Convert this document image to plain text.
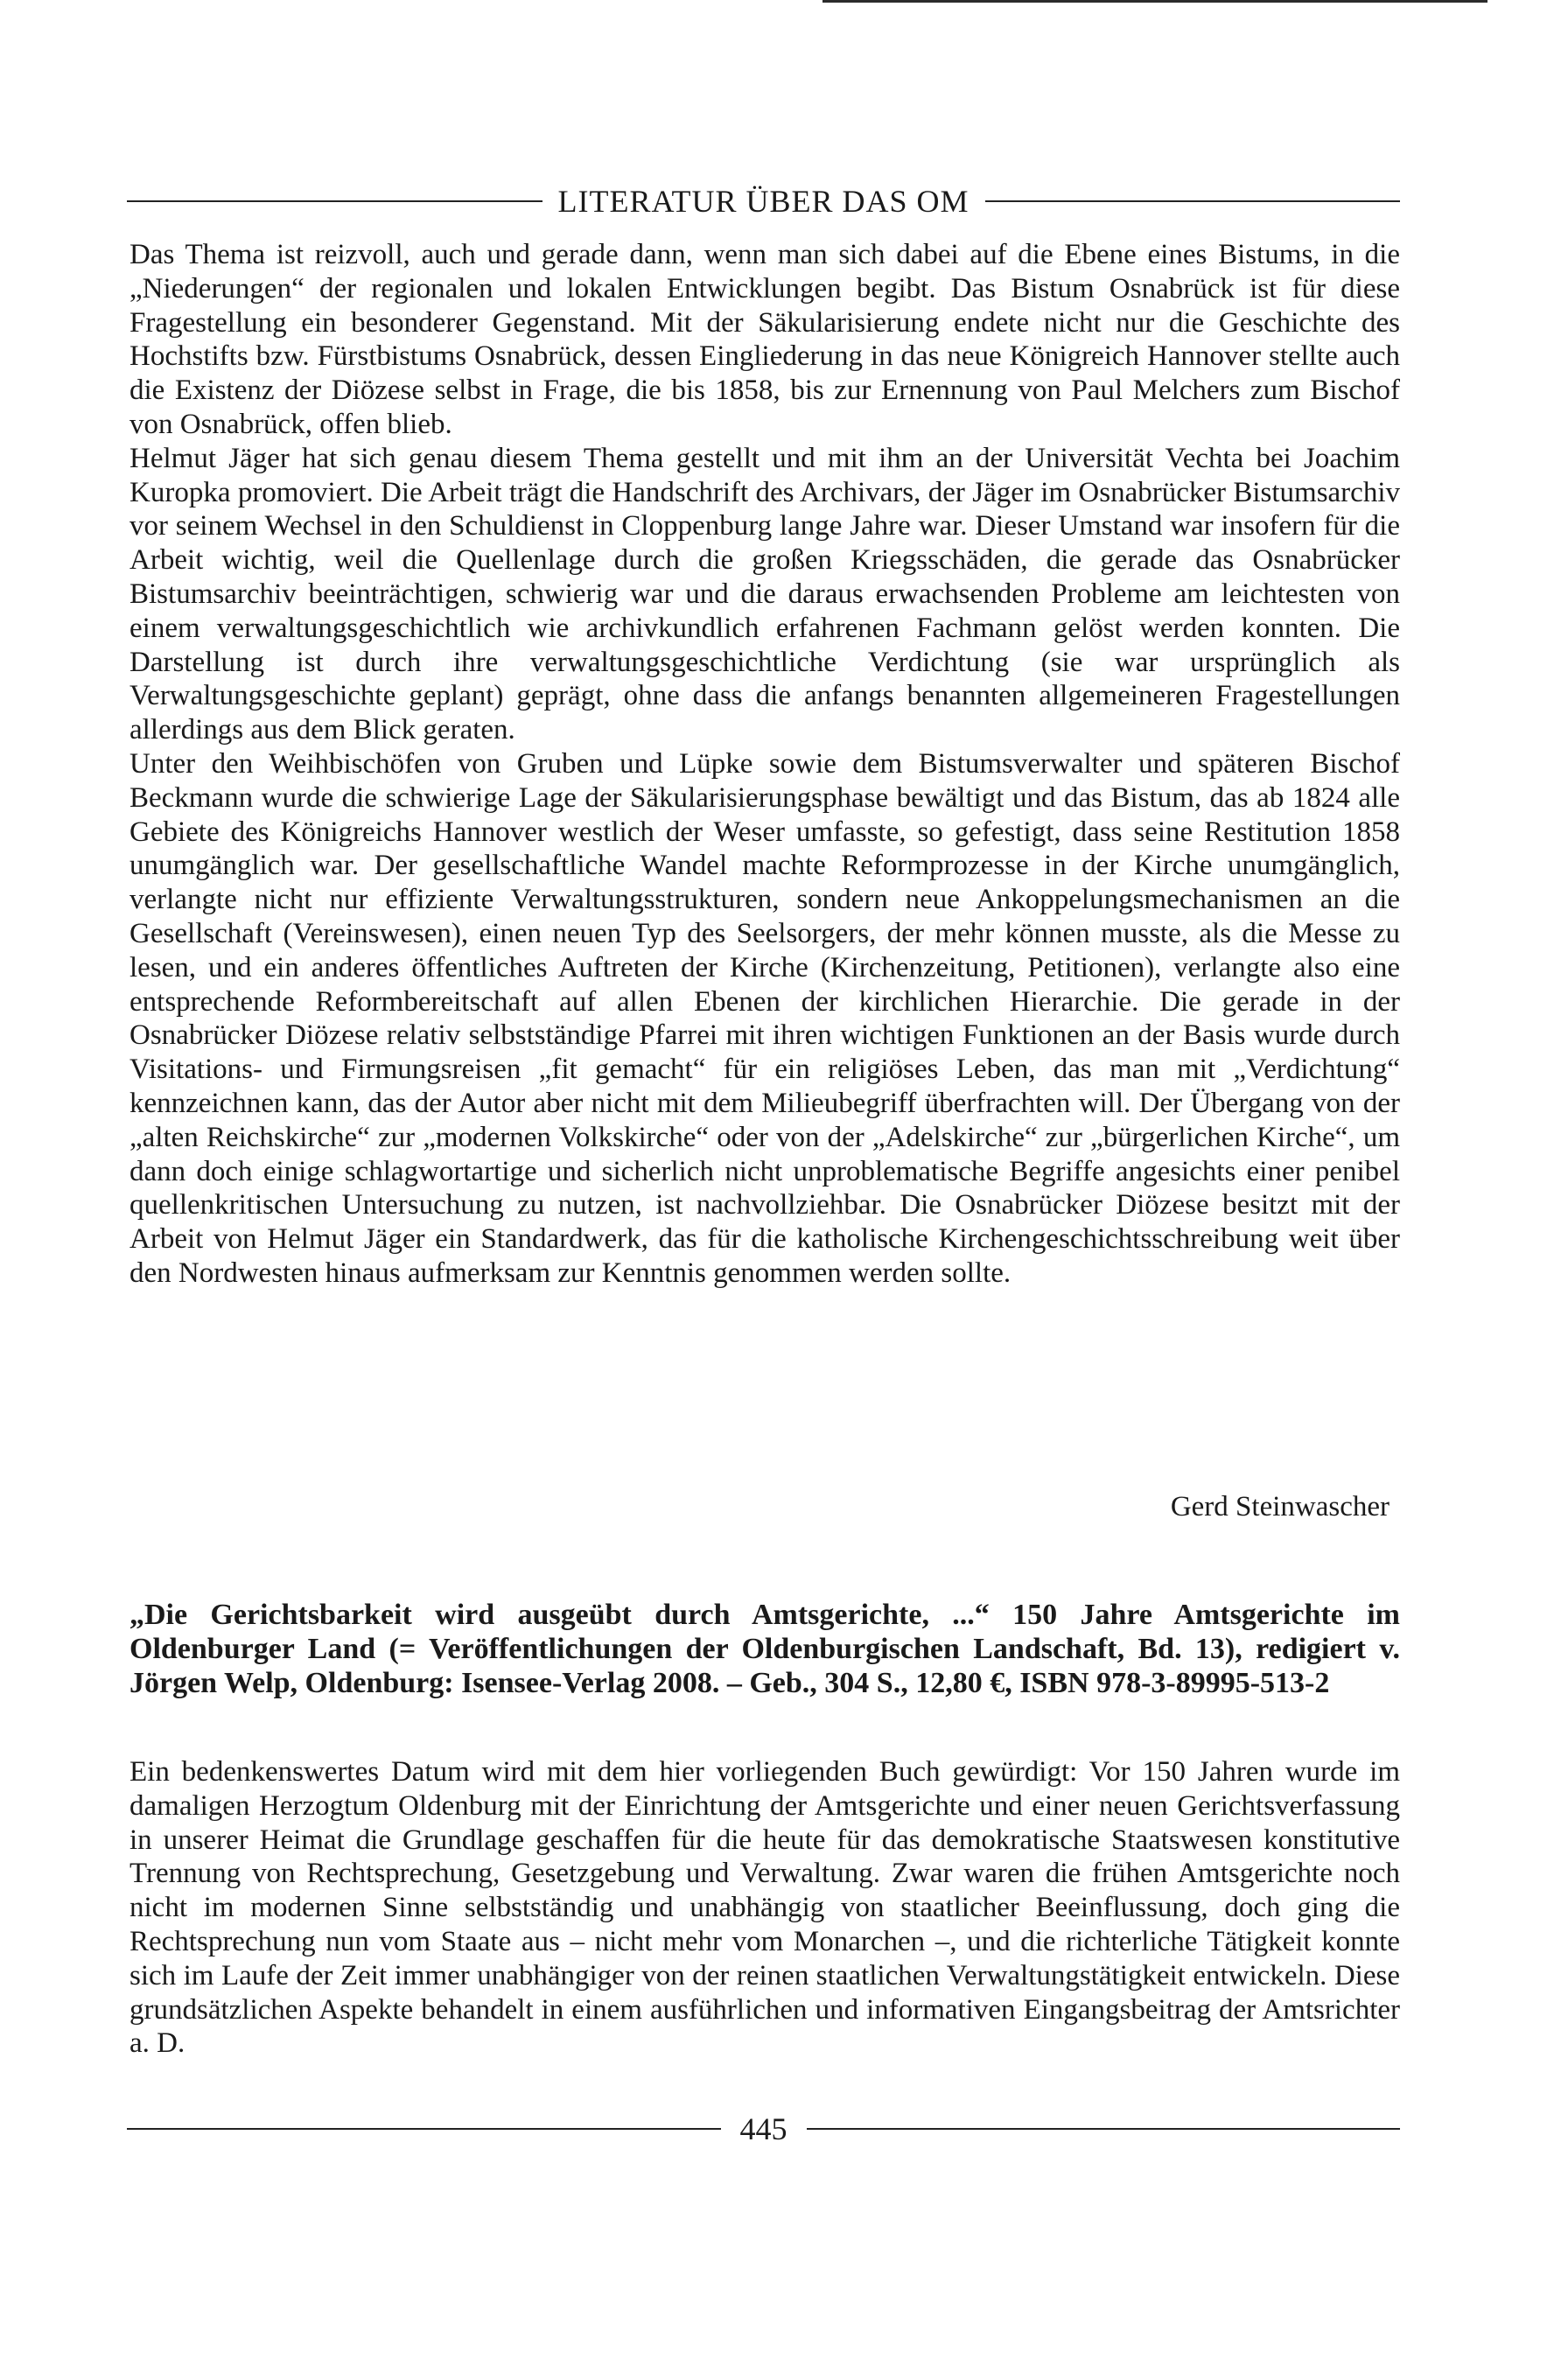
LITERATUR ÜBER DAS OM

Das Thema ist reizvoll, auch und gerade dann, wenn man sich dabei auf die Ebene eines Bistums, in die „Niederungen“ der regionalen und lokalen Entwicklungen begibt. Das Bistum Osnabrück ist für diese Fragestellung ein besonderer Gegenstand. Mit der Säkularisierung endete nicht nur die Geschichte des Hochstifts bzw. Fürstbistums Osnabrück, dessen Eingliederung in das neue Königreich Hannover stellte auch die Existenz der Diözese selbst in Frage, die bis 1858, bis zur Ernennung von Paul Melchers zum Bischof von Osnabrück, offen blieb.

Helmut Jäger hat sich genau diesem Thema gestellt und mit ihm an der Universität Vechta bei Joachim Kuropka promoviert. Die Arbeit trägt die Handschrift des Archivars, der Jäger im Osnabrücker Bistumsarchiv vor seinem Wechsel in den Schuldienst in Cloppenburg lange Jahre war. Dieser Umstand war insofern für die Arbeit wichtig, weil die Quellenlage durch die großen Kriegsschäden, die gerade das Osnabrücker Bistumsarchiv beeinträchtigen, schwierig war und die daraus erwachsenden Probleme am leichtesten von einem verwaltungsgeschichtlich wie archivkundlich erfahrenen Fachmann gelöst werden konnten. Die Darstellung ist durch ihre verwaltungsgeschichtliche Verdichtung (sie war ursprünglich als Verwaltungsgeschichte geplant) geprägt, ohne dass die anfangs benannten allgemeineren Fragestellungen allerdings aus dem Blick geraten.

Unter den Weihbischöfen von Gruben und Lüpke sowie dem Bistumsverwalter und späteren Bischof Beckmann wurde die schwierige Lage der Säkularisierungsphase bewältigt und das Bistum, das ab 1824 alle Gebiete des Königreichs Hannover westlich der Weser umfasste, so gefestigt, dass seine Restitution 1858 unumgänglich war. Der gesellschaftliche Wandel machte Reformprozesse in der Kirche unumgänglich, verlangte nicht nur effiziente Verwaltungsstrukturen, sondern neue Ankoppelungsmechanismen an die Gesellschaft (Vereinswesen), einen neuen Typ des Seelsorgers, der mehr können musste, als die Messe zu lesen, und ein anderes öffentliches Auftreten der Kirche (Kirchenzeitung, Petitionen), verlangte also eine entsprechende Reformbereitschaft auf allen Ebenen der kirchlichen Hierarchie. Die gerade in der Osnabrücker Diözese relativ selbstständige Pfarrei mit ihren wichtigen Funktionen an der Basis wurde durch Visitations- und Firmungsreisen „fit gemacht“ für ein religiöses Leben, das man mit „Verdichtung“ kennzeichnen kann, das der Autor aber nicht mit dem Milieubegriff überfrachten will. Der Übergang von der „alten Reichskirche“ zur „modernen Volkskirche“ oder von der „Adelskirche“ zur „bürgerlichen Kirche“, um dann doch einige schlagwortartige und sicherlich nicht unproblematische Begriffe angesichts einer penibel quellenkritischen Untersuchung zu nutzen, ist nachvollziehbar. Die Osnabrücker Diözese besitzt mit der Arbeit von Helmut Jäger ein Standardwerk, das für die katholische Kirchengeschichtsschreibung weit über den Nordwesten hinaus aufmerksam zur Kenntnis genommen werden sollte.

Gerd Steinwascher
„Die Gerichtsbarkeit wird ausgeübt durch Amtsgerichte, ...“ 150 Jahre Amtsgerichte im Oldenburger Land (= Veröffentlichungen der Oldenburgischen Landschaft, Bd. 13), redigiert v. Jörgen Welp, Oldenburg: Isensee-Verlag 2008. – Geb., 304 S., 12,80 €, ISBN 978-3-89995-513-2

Ein bedenkenswertes Datum wird mit dem hier vorliegenden Buch gewürdigt: Vor 150 Jahren wurde im damaligen Herzogtum Oldenburg mit der Einrichtung der Amtsgerichte und einer neuen Gerichtsverfassung in unserer Heimat die Grundlage geschaffen für die heute für das demokratische Staatswesen konstitutive Trennung von Rechtsprechung, Gesetzgebung und Verwaltung. Zwar waren die frühen Amtsgerichte noch nicht im modernen Sinne selbstständig und unabhängig von staatlicher Beeinflussung, doch ging die Rechtsprechung nun vom Staate aus – nicht mehr vom Monarchen –, und die richterliche Tätigkeit konnte sich im Laufe der Zeit immer unabhängiger von der reinen staatlichen Verwaltungstätigkeit entwickeln. Diese grundsätzlichen Aspekte behandelt in einem ausführlichen und informativen Eingangsbeitrag der Amtsrichter a. D.

445
